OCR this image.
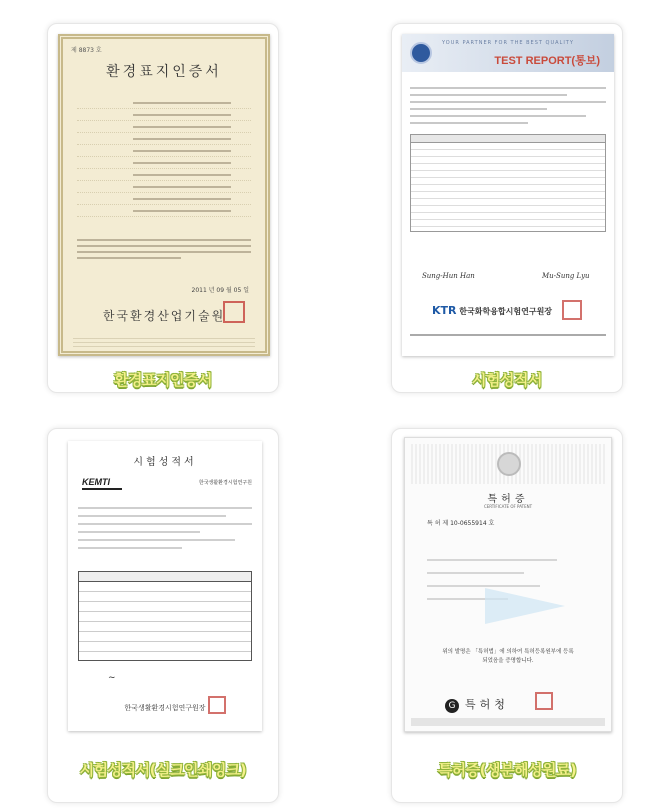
제 8873 호
환경표지인증서
2011 년 09 월 05 일
한국환경산업기술원
환경표지인증서
YOUR PARTNER FOR THE BEST QUALITY
TEST REPORT(통보)
Sung-Hun Han	Mu-Sung Lyu
KTR 한국화학융합시험연구원장
시험성적서
시험성적서
KEMTI	한국생활환경시험연구원
~
한국생활환경시험연구원장
시험성적서(실크인쇄잉크)
특허증
CERTIFICATE OF PATENT
특 허 제 10-0655914 호
위의 발명은 「특허법」에 의하여 특허등록원부에 등록
되었음을 증명합니다.
G 특허청
특허증(생분해성원료)
